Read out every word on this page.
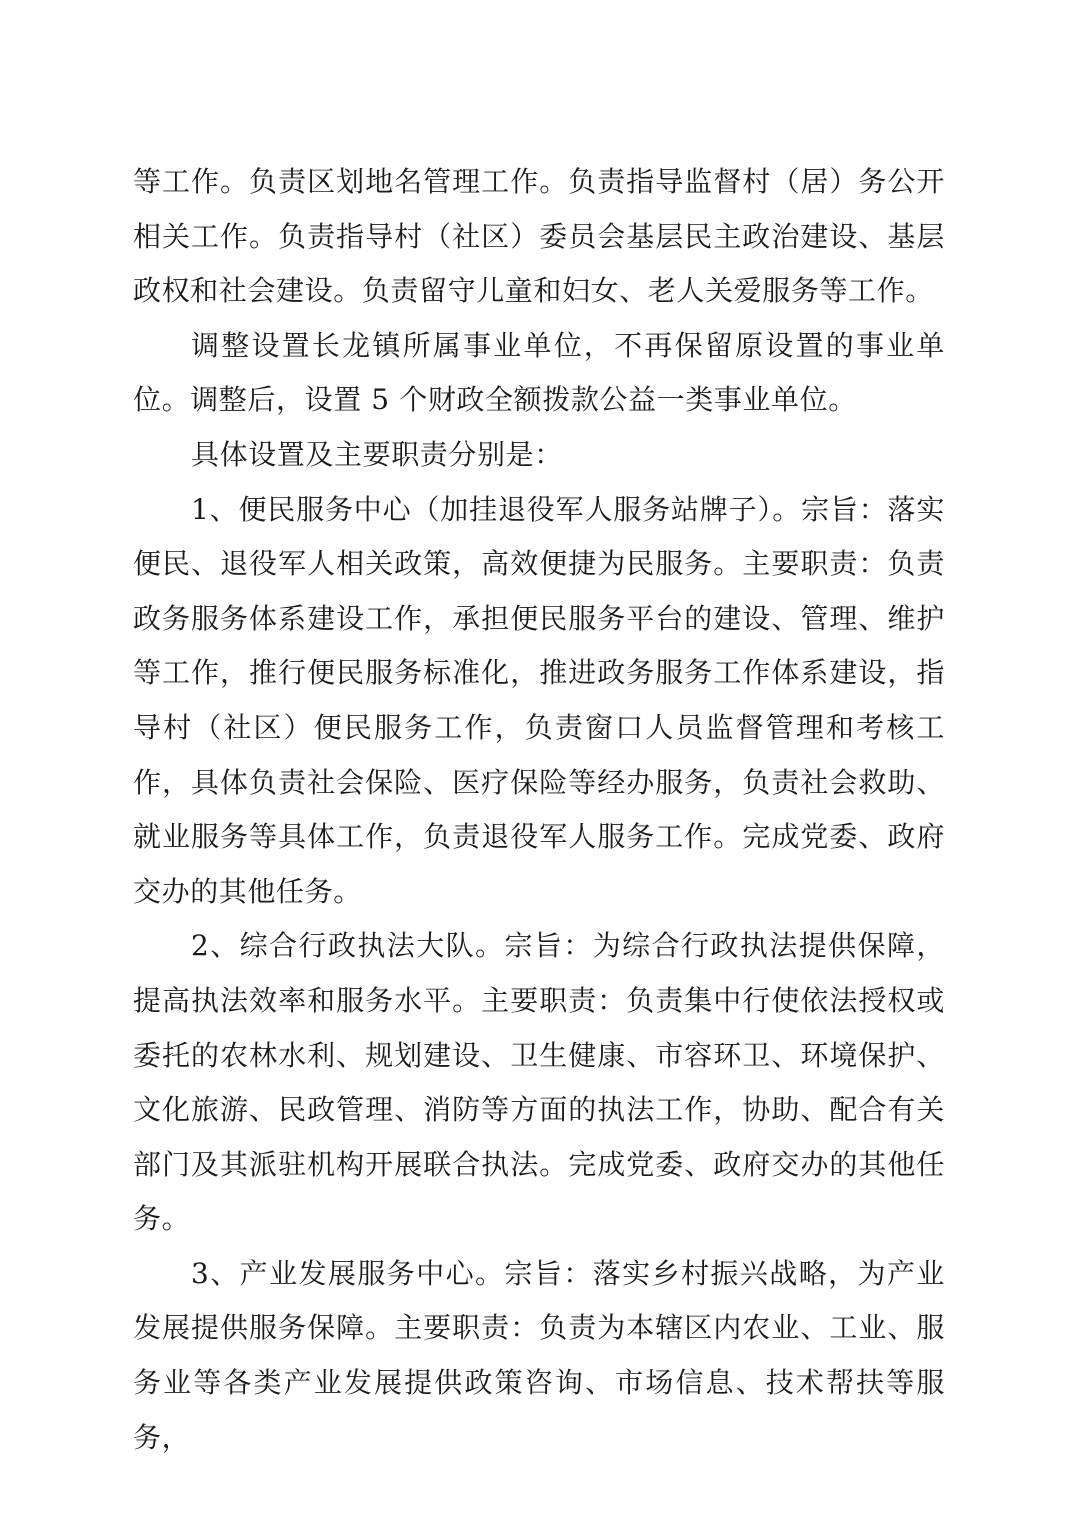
等工作。负责区划地名管理工作。负责指导监督村（居）务公开相关工作。负责指导村（社区）委员会基层民主政治建设、基层政权和社会建设。负责留守儿童和妇女、老人关爱服务等工作。

调整设置长龙镇所属事业单位，不再保留原设置的事业单位。调整后，设置 5 个财政全额拨款公益一类事业单位。

具体设置及主要职责分别是：

1、便民服务中心（加挂退役军人服务站牌子）。宗旨：落实便民、退役军人相关政策，高效便捷为民服务。主要职责：负责政务服务体系建设工作，承担便民服务平台的建设、管理、维护等工作，推行便民服务标准化，推进政务服务工作体系建设，指导村（社区）便民服务工作，负责窗口人员监督管理和考核工作，具体负责社会保险、医疗保险等经办服务，负责社会救助、就业服务等具体工作，负责退役军人服务工作。完成党委、政府交办的其他任务。

2、综合行政执法大队。宗旨：为综合行政执法提供保障，提高执法效率和服务水平。主要职责：负责集中行使依法授权或委托的农林水利、规划建设、卫生健康、市容环卫、环境保护、文化旅游、民政管理、消防等方面的执法工作，协助、配合有关部门及其派驻机构开展联合执法。完成党委、政府交办的其他任务。

3、产业发展服务中心。宗旨：落实乡村振兴战略，为产业发展提供服务保障。主要职责：负责为本辖区内农业、工业、服务业等各类产业发展提供政策咨询、市场信息、技术帮扶等服务，
